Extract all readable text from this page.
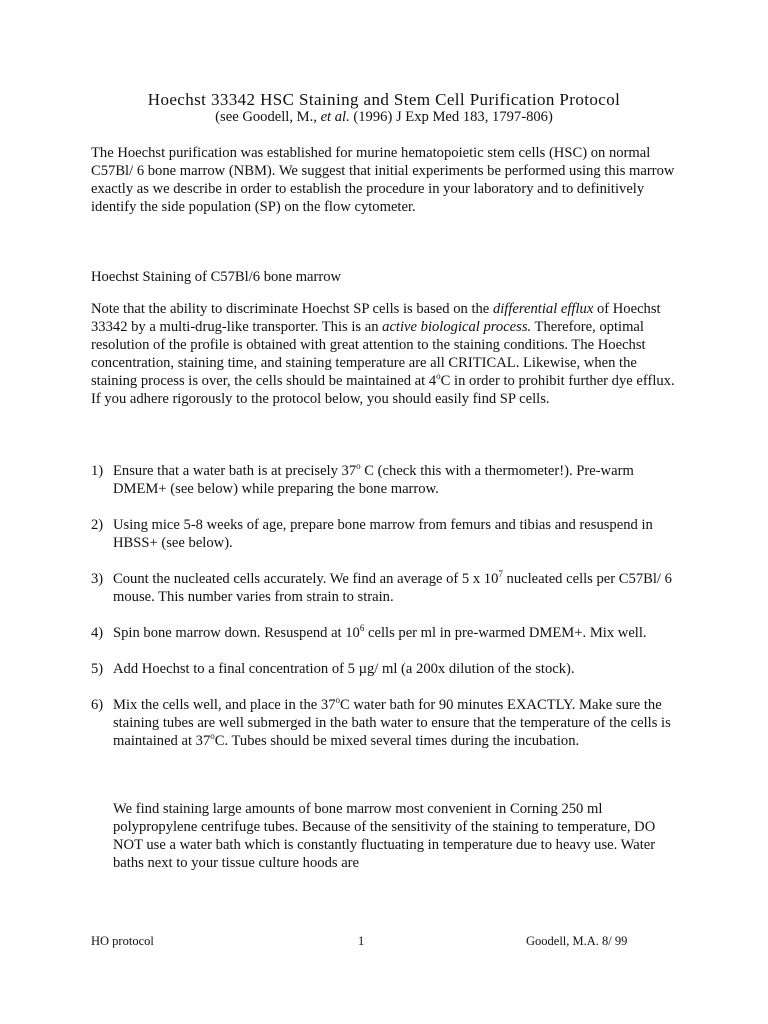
Hoechst 33342 HSC Staining and Stem Cell Purification Protocol
(see Goodell, M., et al. (1996) J Exp Med 183, 1797-806)
The Hoechst purification was established for murine hematopoietic stem cells (HSC) on normal C57Bl/ 6 bone marrow (NBM). We suggest that initial experiments be performed using this marrow exactly as we describe in order to establish the procedure in your laboratory and to definitively identify the side population (SP) on the flow cytometer.
Hoechst Staining of C57Bl/6 bone marrow
Note that the ability to discriminate Hoechst SP cells is based on the differential efflux of Hoechst 33342 by a multi-drug-like transporter. This is an active biological process. Therefore, optimal resolution of the profile is obtained with great attention to the staining conditions. The Hoechst concentration, staining time, and staining temperature are all CRITICAL. Likewise, when the staining process is over, the cells should be maintained at 4$^o$C in order to prohibit further dye efflux. If you adhere rigorously to the protocol below, you should easily find SP cells.
1) Ensure that a water bath is at precisely 37$^o$ C (check this with a thermometer!). Pre-warm DMEM+ (see below) while preparing the bone marrow.
2) Using mice 5-8 weeks of age, prepare bone marrow from femurs and tibias and resuspend in HBSS+ (see below).
3) Count the nucleated cells accurately. We find an average of 5 x $10^7$ nucleated cells per C57Bl/ 6 mouse. This number varies from strain to strain.
4) Spin bone marrow down. Resuspend at $10^6$ cells per ml in pre-warmed DMEM+. Mix well.
5) Add Hoechst to a final concentration of 5 µg/ ml (a 200x dilution of the stock).
6) Mix the cells well, and place in the 37$^o$C water bath for 90 minutes EXACTLY. Make sure the staining tubes are well submerged in the bath water to ensure that the temperature of the cells is maintained at 37$^o$C. Tubes should be mixed several times during the incubation.
We find staining large amounts of bone marrow most convenient in Corning 250 ml polypropylene centrifuge tubes. Because of the sensitivity of the staining to temperature, DO NOT use a water bath which is constantly fluctuating in temperature due to heavy use. Water baths next to your tissue culture hoods are
HO protocol	1	Goodell, M.A. 8/ 99
